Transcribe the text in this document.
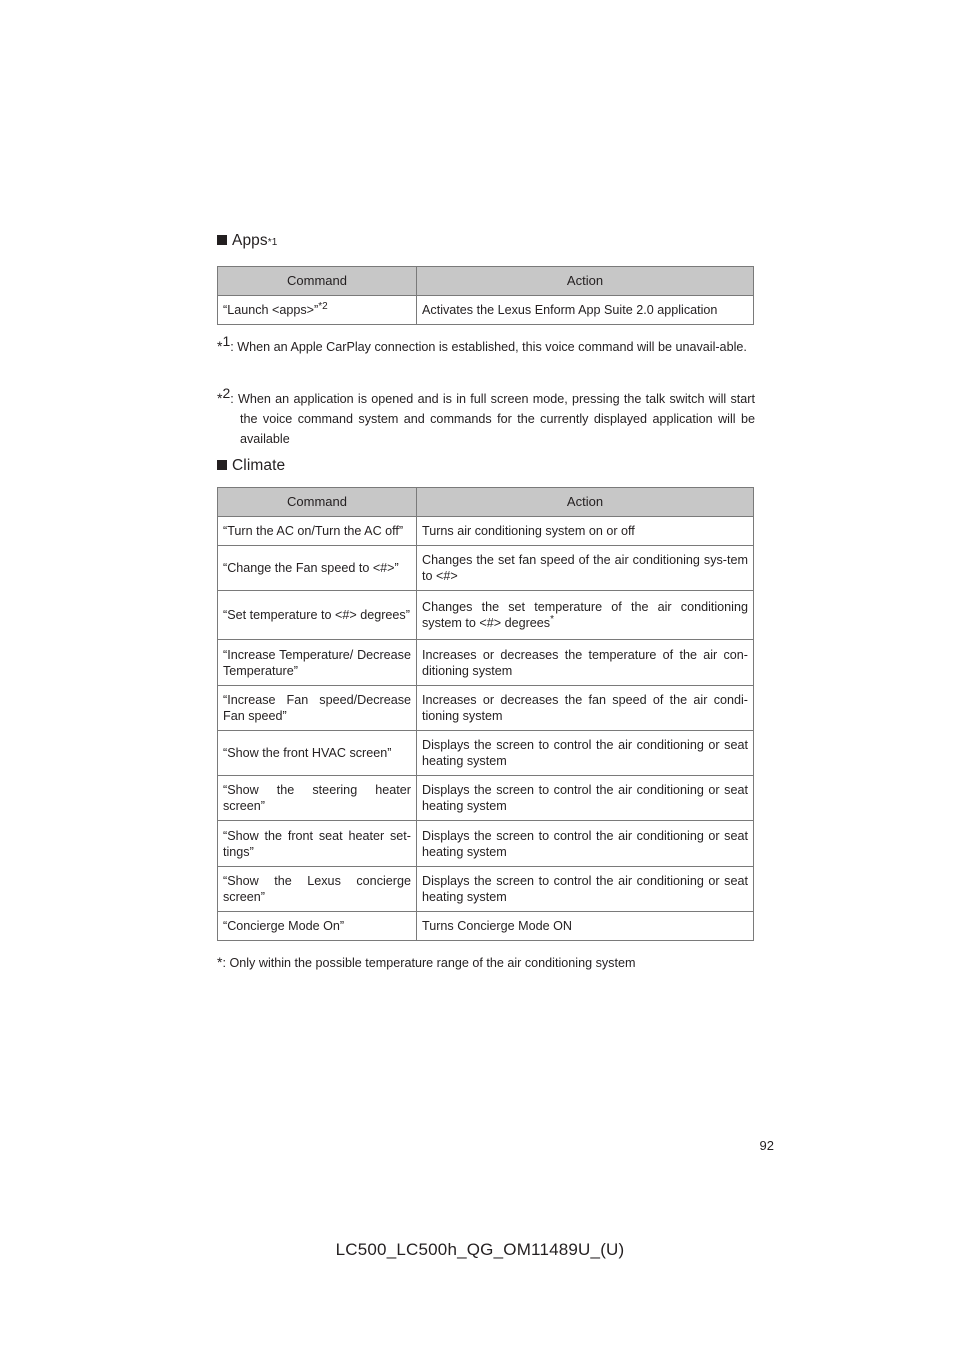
Apps *1
Command	Action
“Launch <apps>”$^{*2}$	Activates the Lexus Enform App Suite 2.0 application
*$^1$: When an Apple CarPlay connection is established, this voice command will be unavail-able.
*$^2$: When an application is opened and is in full screen mode, pressing the talk switch will start the voice command system and commands for the currently displayed application will be available
Climate
Command	Action
“Turn the AC on/Turn the AC off”	Turns air conditioning system on or off
“Change the Fan speed to <#>”	Changes the set fan speed of the air conditioning sys-tem to <#>
“Set temperature to <#> degrees”	Changes the set temperature of the air conditioning system to <#> degrees*
“Increase Temperature/ Decrease Temperature”	Increases or decreases the temperature of the air con-ditioning system
“Increase Fan speed/Decrease Fan speed”	Increases or decreases the fan speed of the air condi-tioning system
“Show the front HVAC screen”	Displays the screen to control the air conditioning or seat heating system
“Show the steering heater screen”	Displays the screen to control the air conditioning or seat heating system
“Show the front seat heater set-tings”	Displays the screen to control the air conditioning or seat heating system
“Show the Lexus concierge screen”	Displays the screen to control the air conditioning or seat heating system
“Concierge Mode On”	Turns Concierge Mode ON
*: Only within the possible temperature range of the air conditioning system
92
LC500_LC500h_QG_OM11489U_(U)
